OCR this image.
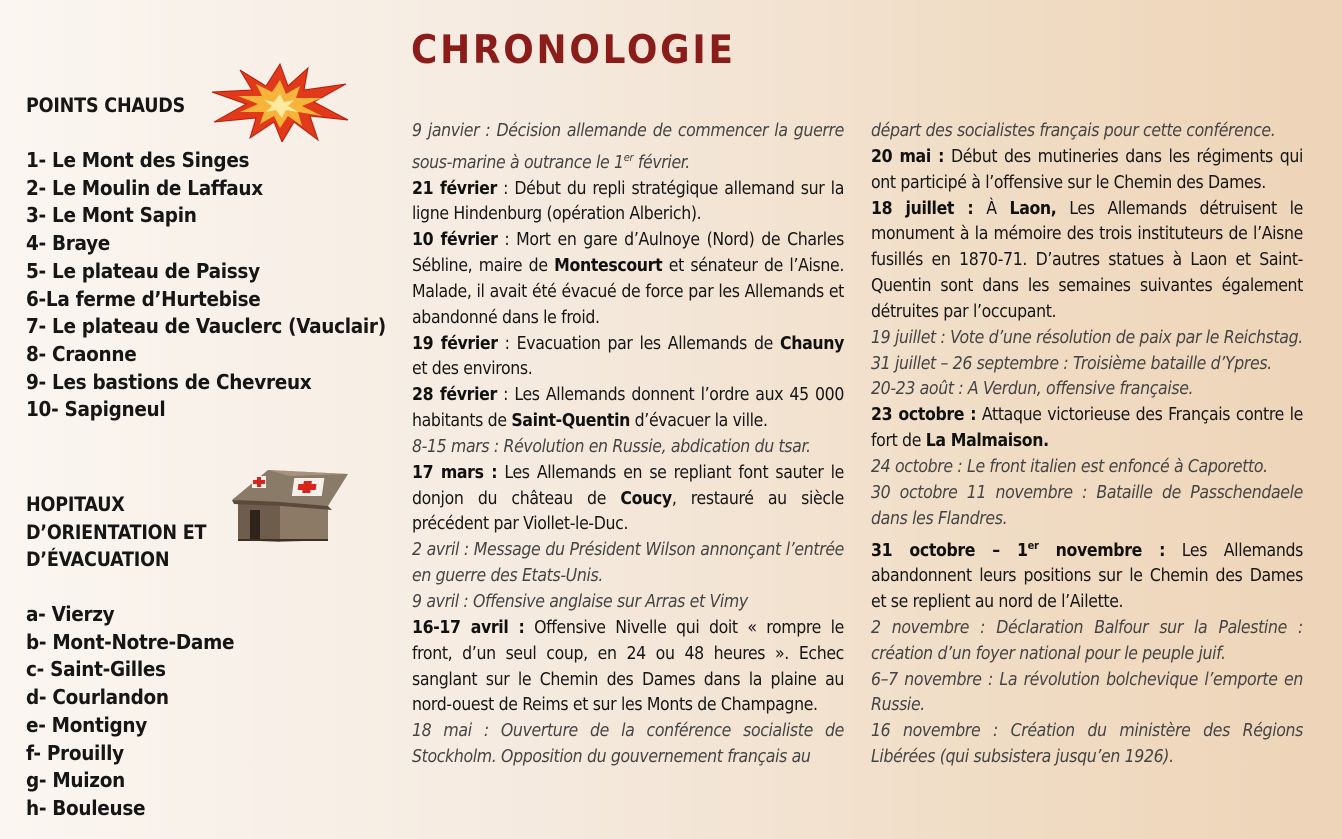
CHRONOLOGIE
POINTS CHAUDS
1- Le Mont des Singes
2- Le Moulin de Laffaux
3- Le Mont Sapin
4- Braye
5- Le plateau de Paissy
6-La ferme d’Hurtebise
7- Le plateau de Vauclerc (Vauclair)
8- Craonne
9- Les bastions de Chevreux
10- Sapigneul
HOPITAUX
D’ORIENTATION ET
D’ÉVACUATION
a- Vierzy
b- Mont-Notre-Dame
c- Saint-Gilles
d- Courlandon
e- Montigny
f- Prouilly
g- Muizon
h- Bouleuse

9 janvier : Décision allemande de commencer la guerre sous-marine à outrance le 1er février.

21 février : Début du repli stratégique allemand sur la ligne Hindenburg (opération Alberich).

10 février : Mort en gare d’Aulnoye (Nord) de Charles Sébline, maire de Montescourt et sénateur de l’Aisne. Malade, il avait été évacué de force par les Allemands et abandonné dans le froid.

19 février : Evacuation par les Allemands de Chauny et des environs.

28 février : Les Allemands donnent l’ordre aux 45 000 habitants de Saint-Quentin d’évacuer la ville.

8-15 mars : Révolution en Russie, abdication du tsar.

17 mars : Les Allemands en se repliant font sauter le donjon du château de Coucy, restauré au siècle précédent par Viollet-le-Duc.

2 avril : Message du Président Wilson annonçant l’entrée en guerre des Etats-Unis.

9 avril : Offensive anglaise sur Arras et Vimy

16-17 avril : Offensive Nivelle qui doit « rompre le front, d’un seul coup, en 24 ou 48 heures ». Echec sanglant sur le Chemin des Dames dans la plaine au nord-ouest de Reims et sur les Monts de Champagne.

18 mai : Ouverture de la conférence socialiste de Stockholm. Opposition du gouvernement français au

départ des socialistes français pour cette conférence.

20 mai : Début des mutineries dans les régiments qui ont participé à l’offensive sur le Chemin des Dames.

18 juillet : À Laon, Les Allemands détruisent le monument à la mémoire des trois instituteurs de l’Aisne fusillés en 1870-71. D’autres statues à Laon et Saint-Quentin sont dans les semaines suivantes également détruites par l’occupant.

19 juillet : Vote d’une résolution de paix par le Reichstag.

31 juillet – 26 septembre : Troisième bataille d’Ypres.

20-23 août : A Verdun, offensive française.

23 octobre : Attaque victorieuse des Français contre le fort de La Malmaison.

24 octobre : Le front italien est enfoncé à Caporetto.

30 octobre 11 novembre : Bataille de Passchendaele dans les Flandres.

31 octobre – 1er novembre : Les Allemands abandonnent leurs positions sur le Chemin des Dames et se replient au nord de l’Ailette.

2 novembre : Déclaration Balfour sur la Palestine : création d’un foyer national pour le peuple juif.

6–7 novembre : La révolution bolchevique l’emporte en Russie.

16 novembre : Création du ministère des Régions Libérées (qui subsistera jusqu’en 1926).
